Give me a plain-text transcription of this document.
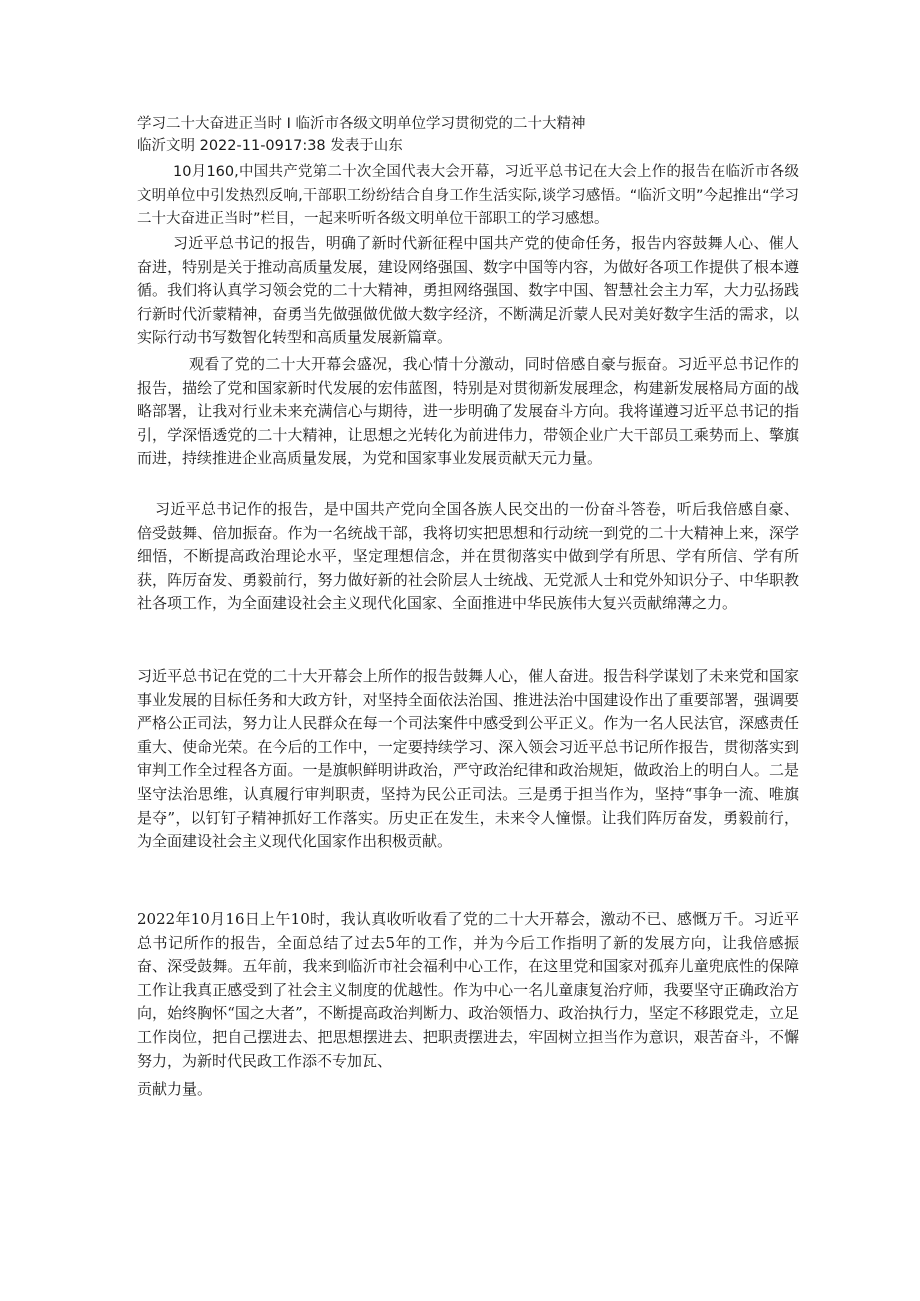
学习二十大奋进正当时 I 临沂市各级文明单位学习贯彻党的二十大精神
临沂文明 2022-11-0917:38 发表于山东

10月160,中国共产党第二十次全国代表大会开幕，习近平总书记在大会上作的报告在临沂市各级文明单位中引发热烈反响,干部职工纷纷结合自身工作生活实际,谈学习感悟。“临沂文明”今起推出“学习二十大奋进正当时”栏目，一起来听听各级文明单位干部职工的学习感想。

习近平总书记的报告，明确了新时代新征程中国共产党的使命任务，报告内容鼓舞人心、催人奋进，特别是关于推动高质量发展，建设网络强国、数字中国等内容，为做好各项工作提供了根本遵循。我们将认真学习领会党的二十大精神，勇担网络强国、数字中国、智慧社会主力军，大力弘扬践行新时代沂蒙精神，奋勇当先做强做优做大数字经济，不断满足沂蒙人民对美好数字生活的需求，以实际行动书写数智化转型和高质量发展新篇章。

观看了党的二十大开幕会盛况，我心情十分激动，同时倍感自豪与振奋。习近平总书记作的报告，描绘了党和国家新时代发展的宏伟蓝图，特别是对贯彻新发展理念，构建新发展格局方面的战略部署，让我对行业未来充满信心与期待，进一步明确了发展奋斗方向。我将谨遵习近平总书记的指引，学深悟透党的二十大精神，让思想之光转化为前进伟力，带领企业广大干部员工乘势而上、擎旗而进，持续推进企业高质量发展，为党和国家事业发展贡献天元力量。

习近平总书记作的报告，是中国共产党向全国各族人民交出的一份奋斗答卷，听后我倍感自豪、倍受鼓舞、倍加振奋。作为一名统战干部，我将切实把思想和行动统一到党的二十大精神上来，深学细悟，不断提高政治理论水平，坚定理想信念，并在贯彻落实中做到学有所思、学有所信、学有所获，阵厉奋发、勇毅前行，努力做好新的社会阶层人士统战、无党派人士和党外知识分子、中华职教社各项工作，为全面建设社会主义现代化国家、全面推进中华民族伟大复兴贡献绵薄之力。

习近平总书记在党的二十大开幕会上所作的报告鼓舞人心，催人奋进。报告科学谋划了未来党和国家事业发展的目标任务和大政方针，对坚持全面依法治国、推进法治中国建设作出了重要部署，强调要严格公正司法，努力让人民群众在每一个司法案件中感受到公平正义。作为一名人民法官，深感责任重大、使命光荣。在今后的工作中，一定要持续学习、深入领会习近平总书记所作报告，贯彻落实到审判工作全过程各方面。一是旗帜鲜明讲政治，严守政治纪律和政治规矩，做政治上的明白人。二是坚守法治思维，认真履行审判职责，坚持为民公正司法。三是勇于担当作为，坚持“事争一流、唯旗是夺”，以钉钉子精神抓好工作落实。历史正在发生，未来令人憧憬。让我们阵厉奋发，勇毅前行，为全面建设社会主义现代化国家作出积极贡献。

2022年10月16日上午10时，我认真收听收看了党的二十大开幕会，激动不已、感慨万千。习近平总书记所作的报告，全面总结了过去5年的工作，并为今后工作指明了新的发展方向，让我倍感振奋、深受鼓舞。五年前，我来到临沂市社会福利中心工作，在这里党和国家对孤弃儿童兜底性的保障工作让我真正感受到了社会主义制度的优越性。作为中心一名儿童康复治疗师，我要坚守正确政治方向，始终胸怀“国之大者”，不断提高政治判断力、政治领悟力、政治执行力，坚定不移跟党走，立足工作岗位，把自己摆进去、把思想摆进去、把职责摆进去，牢固树立担当作为意识，艰苦奋斗，不懈努力，为新时代民政工作添不专加瓦、

贡献力量。
